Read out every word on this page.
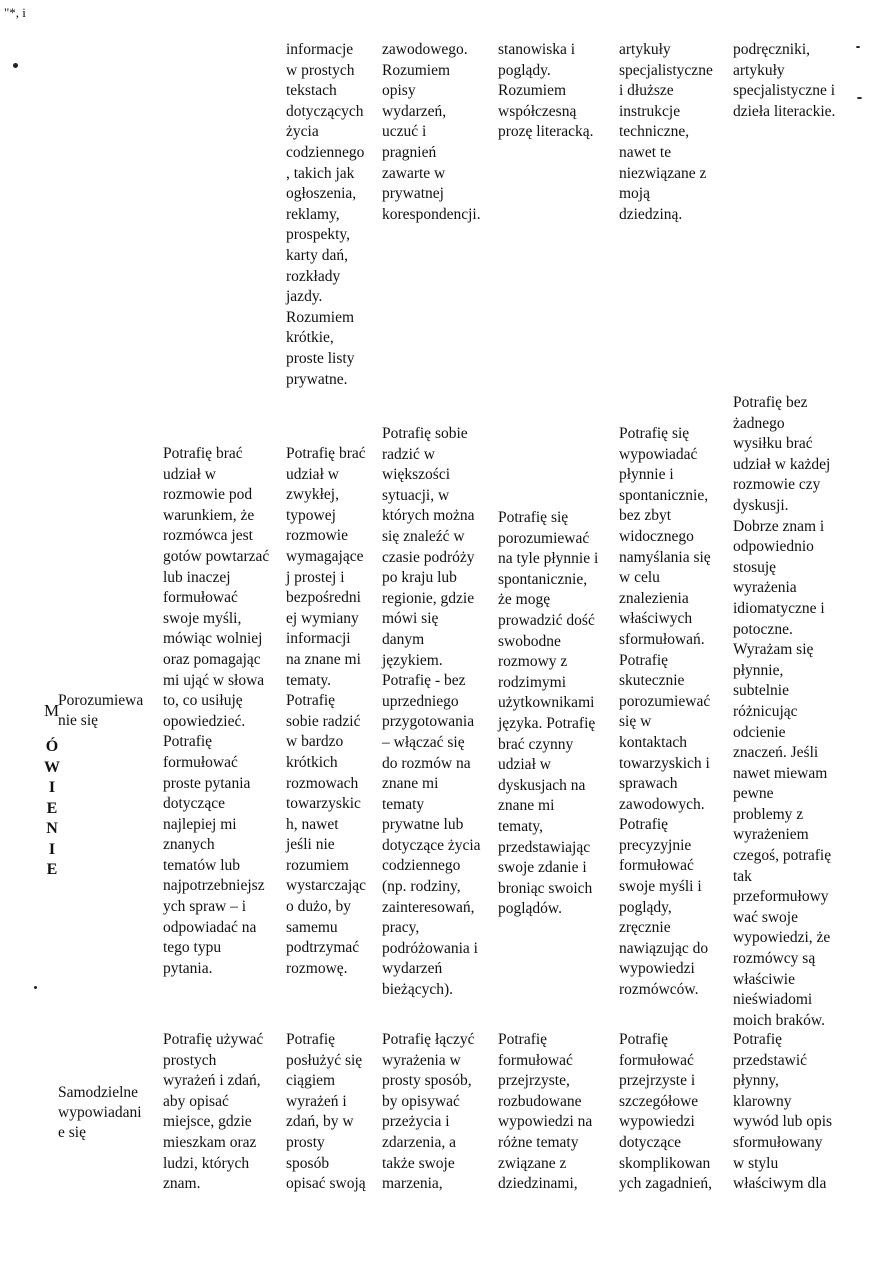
"*, i

informacje
w prostych
tekstach
dotyczących
życia
codziennego
, takich jak
ogłoszenia,
reklamy,
prospekty,
karty dań,
rozkłady
jazdy.
Rozumiem
krótkie,
proste listy
prywatne.

zawodowego.
Rozumiem
opisy
wydarzeń,
uczuć i
pragnień
zawarte w
prywatnej
korespondencji.

stanowiska i
poglądy.
Rozumiem
współczesną
prozę literacką.

artykuły
specjalistyczne
i dłuższe
instrukcje
techniczne,
nawet te
niezwiązane z
moją
dziedziną.

podręczniki,
artykuły
specjalistyczne i
dzieła literackie.

M
Ó
W
I
E
N
I
E
Porozumiewa
nie się

Potrafię brać
udział w
rozmowie pod
warunkiem, że
rozmówca jest
gotów powtarzać
lub inaczej
formułować
swoje myśli,
mówiąc wolniej
oraz pomagając
mi ująć w słowa
to, co usiłuję
opowiedzieć.
Potrafię
formułować
proste pytania
dotyczące
najlepiej mi
znanych
tematów lub
najpotrzebniejsz
ych spraw – i
odpowiadać na
tego typu
pytania.

Potrafię brać
udział w
zwykłej,
typowej
rozmowie
wymagające
j prostej i
bezpośredni
ej wymiany
informacji
na znane mi
tematy.
Potrafię
sobie radzić
w bardzo
krótkich
rozmowach
towarzyskic
h, nawet
jeśli nie
rozumiem
wystarczając
o dużo, by
samemu
podtrzymać
rozmowę.

Potrafię sobie
radzić w
większości
sytuacji, w
których można
się znaleźć w
czasie podróży
po kraju lub
regionie, gdzie
mówi się
danym
językiem.
Potrafię - bez
uprzedniego
przygotowania
– włączać się
do rozmów na
znane mi
tematy
prywatne lub
dotyczące życia
codziennego
(np. rodziny,
zainteresowań,
pracy,
podróżowania i
wydarzeń
bieżących).

Potrafię się
porozumiewać
na tyle płynnie i
spontanicznie,
że mogę
prowadzić dość
swobodne
rozmowy z
rodzimymi
użytkownikami
języka. Potrafię
brać czynny
udział w
dyskusjach na
znane mi
tematy,
przedstawiając
swoje zdanie i
broniąc swoich
poglądów.

Potrafię się
wypowiadać
płynnie i
spontanicznie,
bez zbyt
widocznego
namyślania się
w celu
znalezienia
właściwych
sformułowań.
Potrafię
skutecznie
porozumiewać
się w
kontaktach
towarzyskich i
sprawach
zawodowych.
Potrafię
precyzyjnie
formułować
swoje myśli i
poglądy,
zręcznie
nawiązując do
wypowiedzi
rozmówców.

Potrafię bez
żadnego
wysiłku brać
udział w każdej
rozmowie czy
dyskusji.
Dobrze znam i
odpowiednio
stosuję
wyrażenia
idiomatyczne i
potoczne.
Wyrażam się
płynnie,
subtelnie
różnicując
odcienie
znaczeń. Jeśli
nawet miewam
pewne
problemy z
wyrażeniem
czegoś, potrafię
tak
przeformułowy
wać swoje
wypowiedzi, że
rozmówcy są
właściwie
nieświadomi
moich braków.

Samodzielne
wypowiadani
e się

Potrafię używać
prostych
wyrażeń i zdań,
aby opisać
miejsce, gdzie
mieszkam oraz
ludzi, których
znam.

Potrafię
posłużyć się
ciągiem
wyrażeń i
zdań, by w
prosty
sposób
opisać swoją

Potrafię łączyć
wyrażenia w
prosty sposób,
by opisywać
przeżycia i
zdarzenia, a
także swoje
marzenia,

Potrafię
formułować
przejrzyste,
rozbudowane
wypowiedzi na
różne tematy
związane z
dziedzinami,

Potrafię
formułować
przejrzyste i
szczegółowe
wypowiedzi
dotyczące
skomplikowan
ych zagadnień,

Potrafię
przedstawić
płynny,
klarowny
wywód lub opis
sformułowany
w stylu
właściwym dla
